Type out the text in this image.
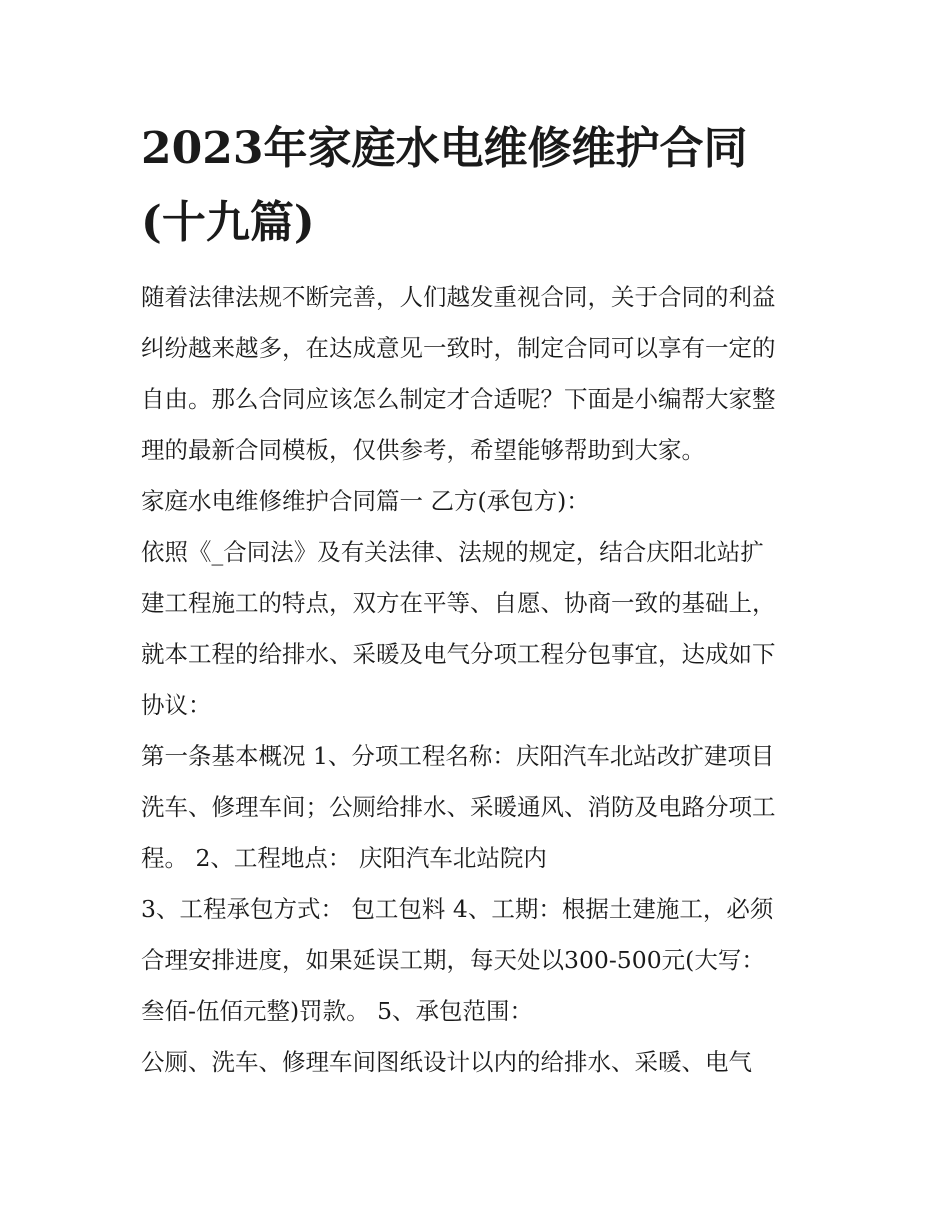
2023年家庭水电维修维护合同
(十九篇)
随着法律法规不断完善，人们越发重视合同，关于合同的利益
纠纷越来越多，在达成意见一致时，制定合同可以享有一定的
自由。那么合同应该怎么制定才合适呢？下面是小编帮大家整
理的最新合同模板，仅供参考，希望能够帮助到大家。
家庭水电维修维护合同篇一 乙方(承包方)：
依照《_合同法》及有关法律、法规的规定，结合庆阳北站扩
建工程施工的特点，双方在平等、自愿、协商一致的基础上，
就本工程的给排水、采暖及电气分项工程分包事宜，达成如下
协议：
第一条基本概况 1、分项工程名称：庆阳汽车北站改扩建项目
洗车、修理车间；公厕给排水、采暖通风、消防及电路分项工
程。 2、工程地点： 庆阳汽车北站院内
3、工程承包方式： 包工包料 4、工期：根据土建施工，必须
合理安排进度，如果延误工期，每天处以300-500元(大写：
叁佰-伍佰元整)罚款。 5、承包范围：
公厕、洗车、修理车间图纸设计以内的给排水、采暖、电气
